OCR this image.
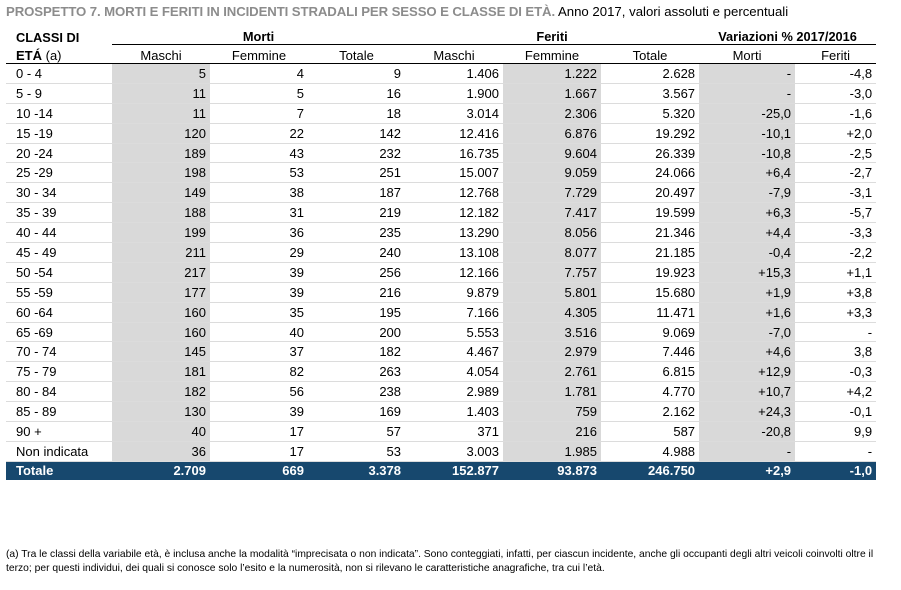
PROSPETTO 7. MORTI E FERITI IN INCIDENTI STRADALI PER SESSO E CLASSE DI ETÀ. Anno 2017, valori assoluti e percentuali
CLASSI DI	Morti			Feriti			Variazioni % 2017/2016	
ETÁ (a)	Maschi	Femmine	Totale	Maschi	Femmine	Totale	Morti	Feriti
0 - 4	5	4	9	1.406	1.222	2.628	-	-4,8
5 - 9	11	5	16	1.900	1.667	3.567	-	-3,0
10 -14	11	7	18	3.014	2.306	5.320	-25,0	-1,6
15 -19	120	22	142	12.416	6.876	19.292	-10,1	+2,0
20 -24	189	43	232	16.735	9.604	26.339	-10,8	-2,5
25 -29	198	53	251	15.007	9.059	24.066	+6,4	-2,7
30 - 34	149	38	187	12.768	7.729	20.497	-7,9	-3,1
35 - 39	188	31	219	12.182	7.417	19.599	+6,3	-5,7
40 - 44	199	36	235	13.290	8.056	21.346	+4,4	-3,3
45 - 49	211	29	240	13.108	8.077	21.185	-0,4	-2,2
50 -54	217	39	256	12.166	7.757	19.923	+15,3	+1,1
55 -59	177	39	216	9.879	5.801	15.680	+1,9	+3,8
60 -64	160	35	195	7.166	4.305	11.471	+1,6	+3,3
65 -69	160	40	200	5.553	3.516	9.069	-7,0	-
70 - 74	145	37	182	4.467	2.979	7.446	+4,6	3,8
75 - 79	181	82	263	4.054	2.761	6.815	+12,9	-0,3
80 - 84	182	56	238	2.989	1.781	4.770	+10,7	+4,2
85 - 89	130	39	169	1.403	759	2.162	+24,3	-0,1
90 +	40	17	57	371	216	587	-20,8	9,9
Non indicata	36	17	53	3.003	1.985	4.988	-	-
Totale	2.709	669	3.378	152.877	93.873	246.750	+2,9	-1,0
(a) Tra le classi della variabile età, è inclusa anche la modalità “imprecisata o non indicata”. Sono conteggiati, infatti, per ciascun incidente, anche gli occupanti degli altri veicoli coinvolti oltre il terzo; per questi individui, dei quali si conosce solo l’esito e la numerosità, non si rilevano le caratteristiche anagrafiche, tra cui l’età.
